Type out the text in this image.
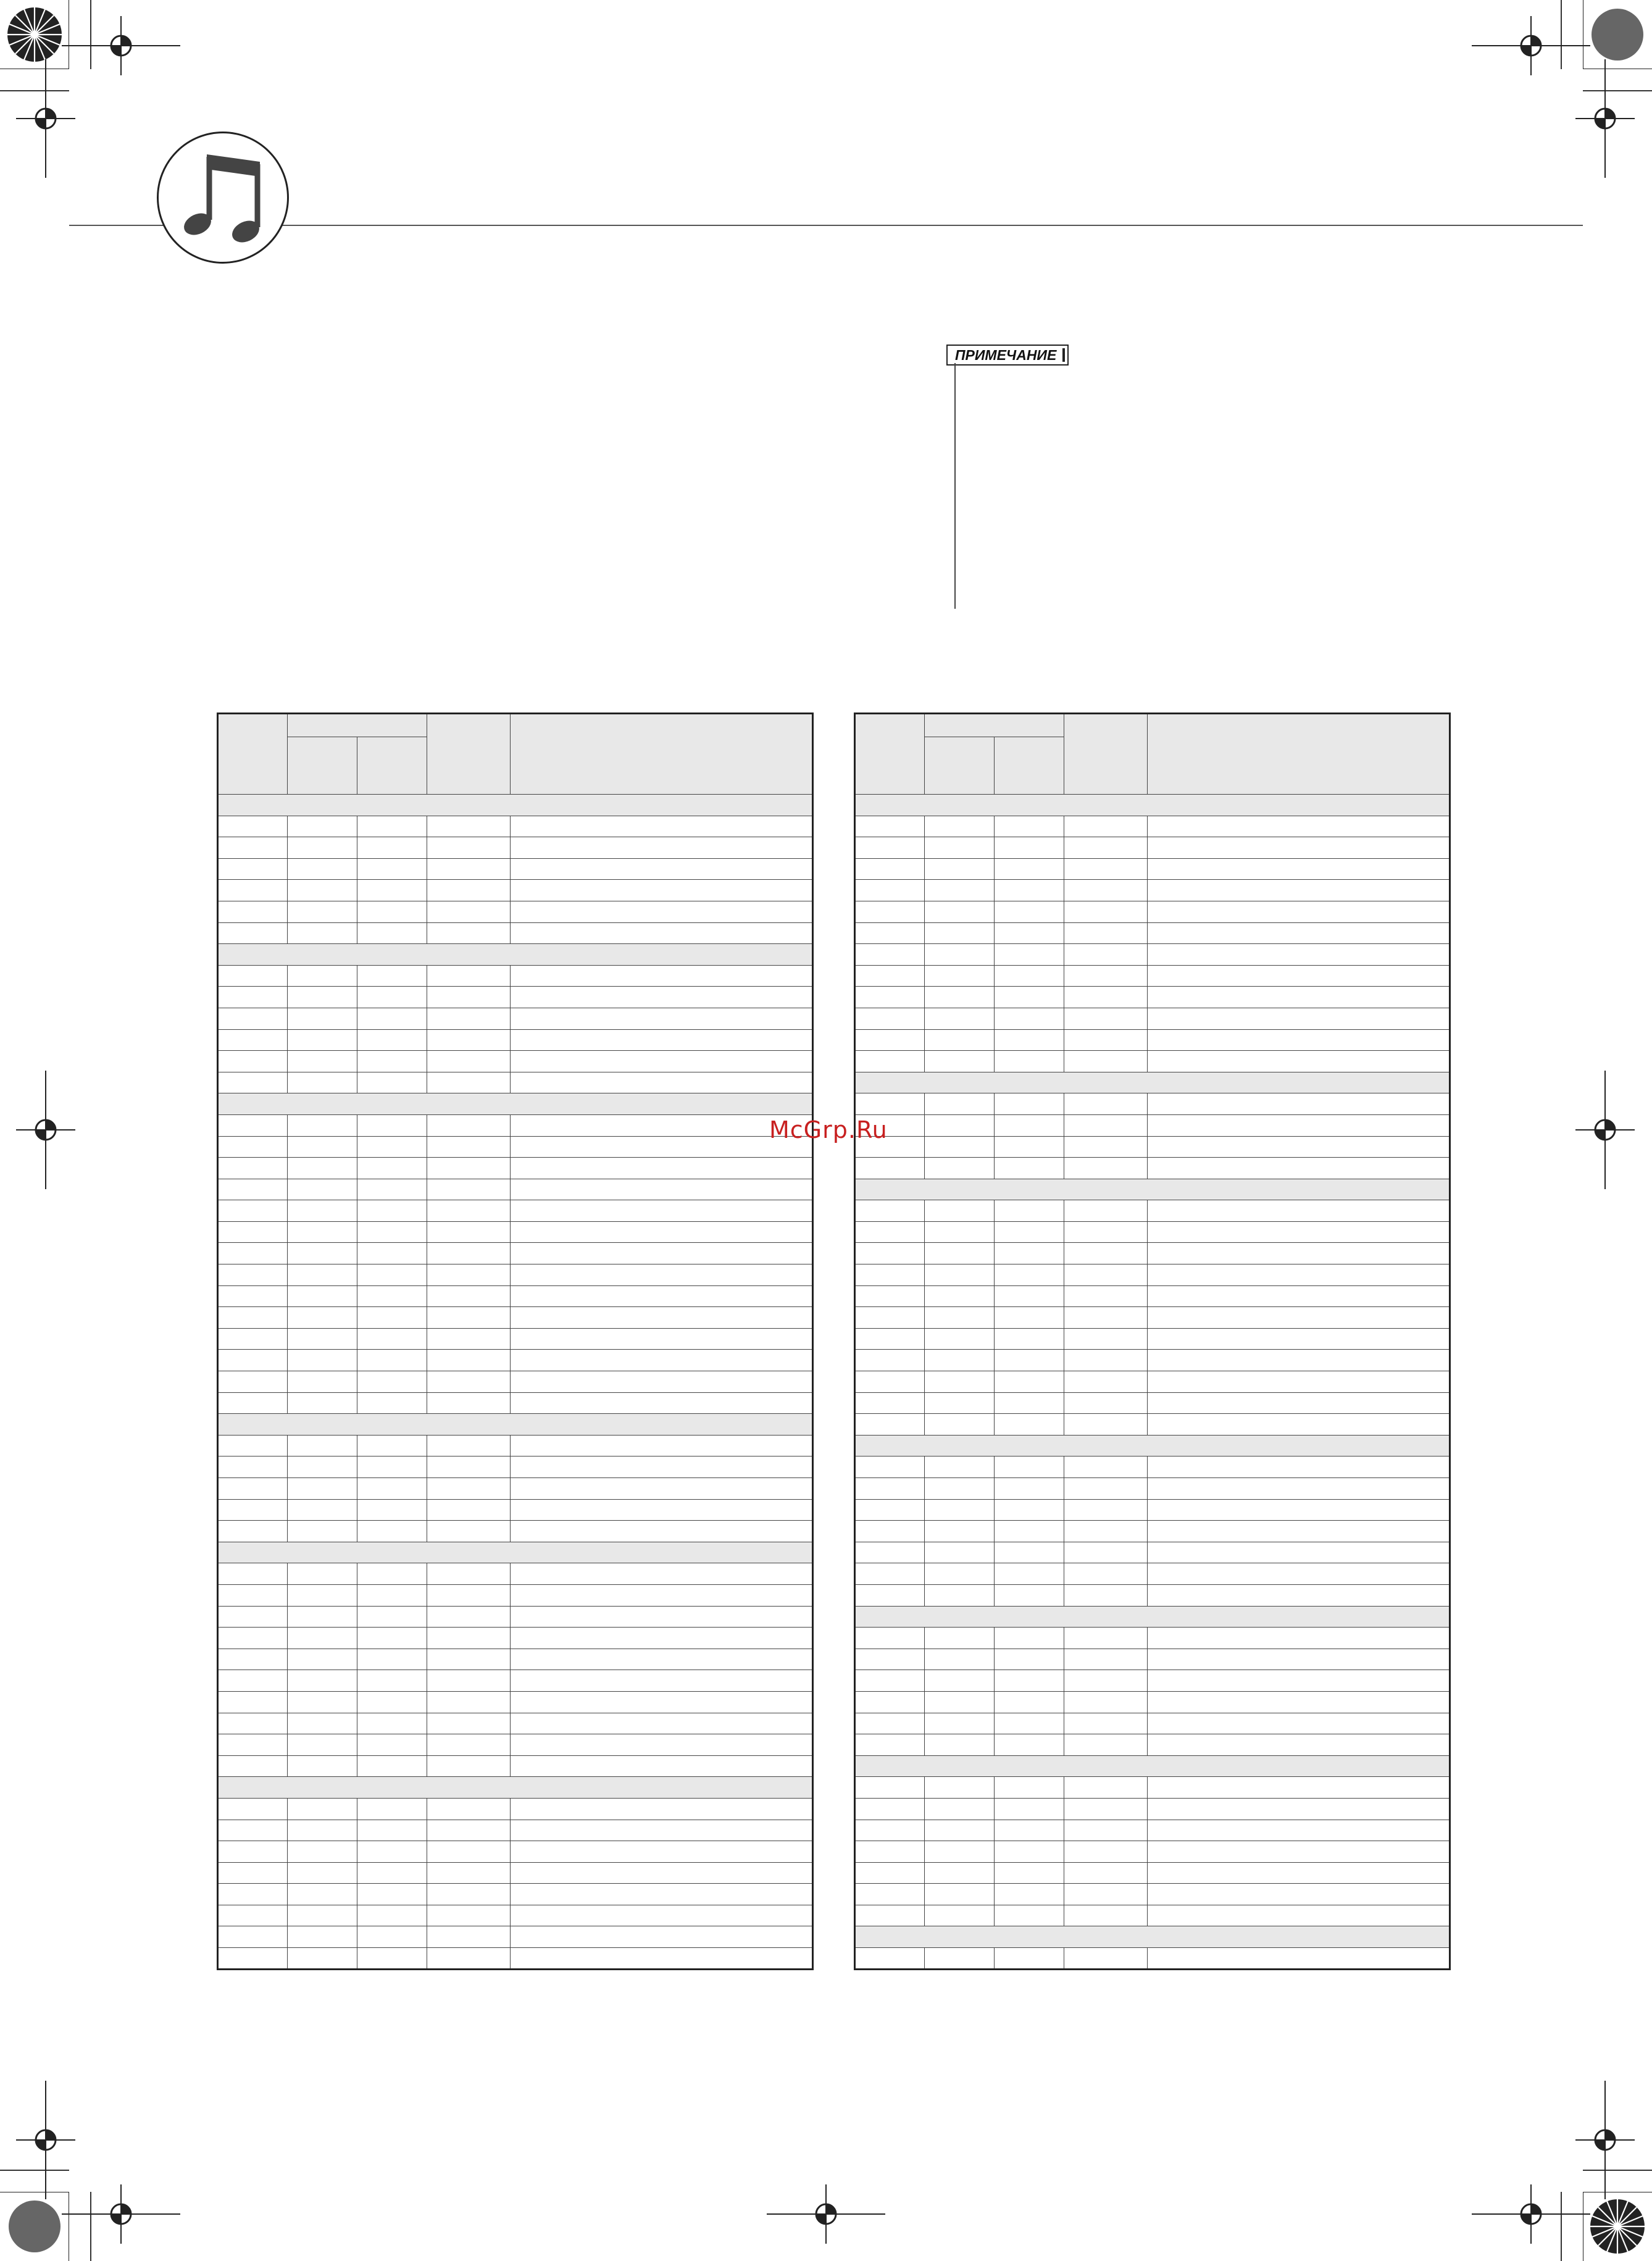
ПРИМЕЧАНИЕ

McGrp.Ru
